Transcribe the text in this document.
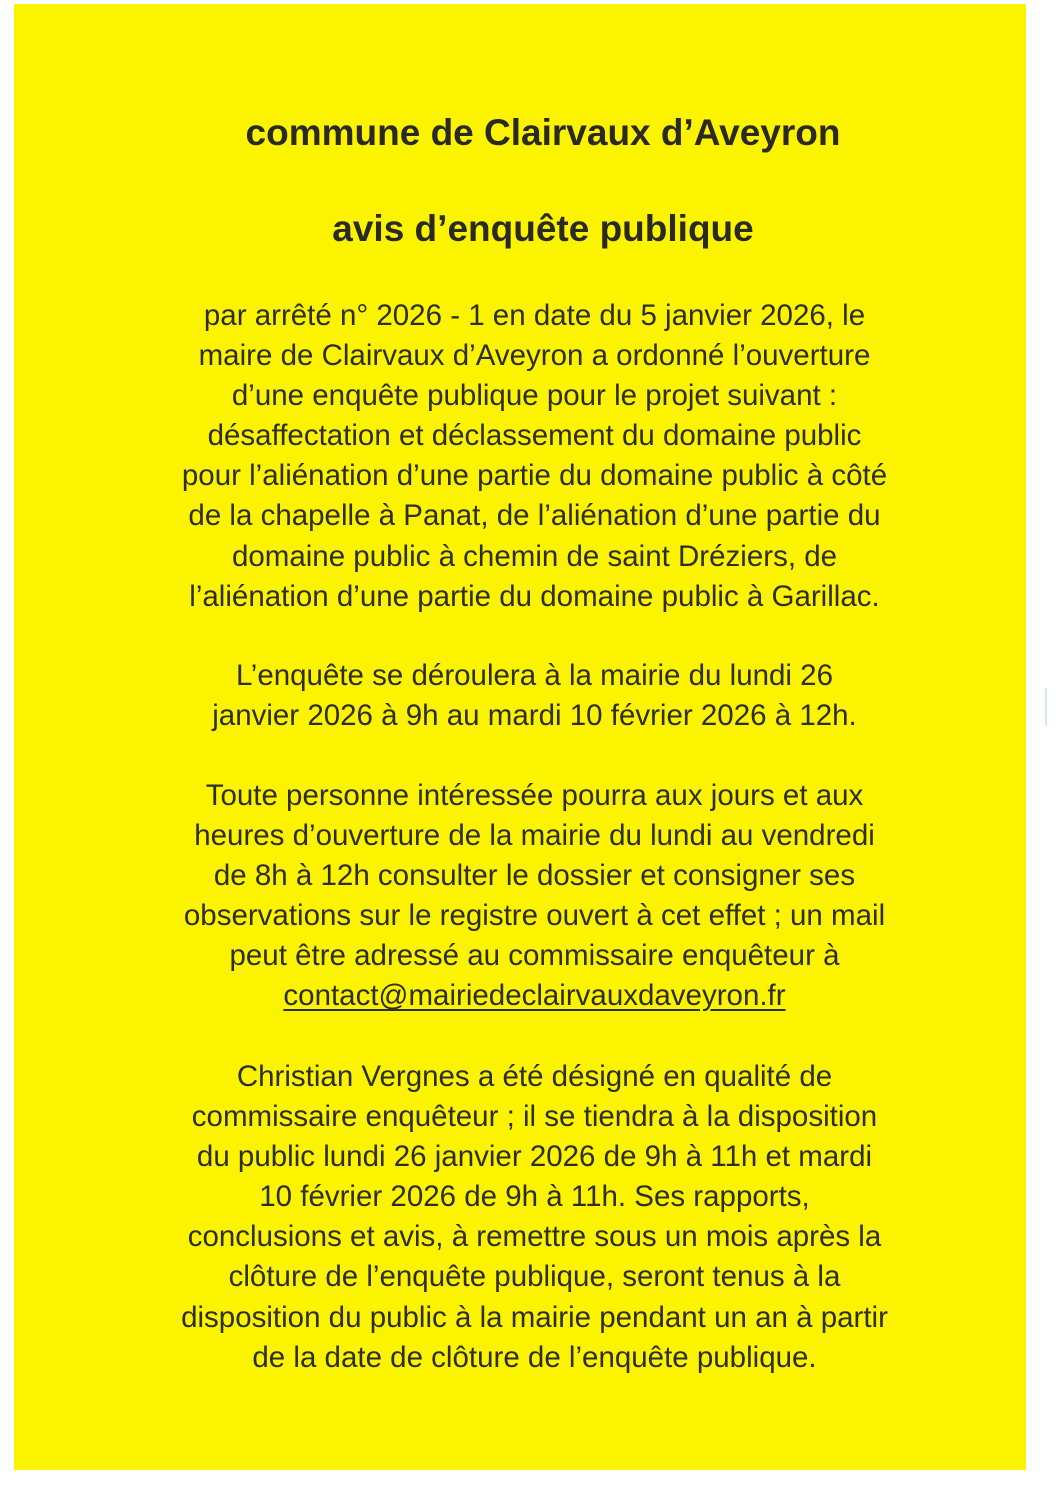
commune de Clairvaux d’Aveyron
avis d’enquête publique

par arrêté n° 2026 - 1 en date du 5 janvier 2026, le
maire de Clairvaux d’Aveyron a ordonné l’ouverture
d’une enquête publique pour le projet suivant :
désaffectation et déclassement du domaine public
pour l’aliénation d’une partie du domaine public à côté
de la chapelle à Panat, de l’aliénation d’une partie du
domaine public à chemin de saint Dréziers, de
l’aliénation d’une partie du domaine public à Garillac.

L’enquête se déroulera à la mairie du lundi 26
janvier 2026 à 9h au mardi 10 février 2026 à 12h.

Toute personne intéressée pourra aux jours et aux
heures d’ouverture de la mairie du lundi au vendredi
de 8h à 12h consulter le dossier et consigner ses
observations sur le registre ouvert à cet effet ; un mail
peut être adressé au commissaire enquêteur à
contact@mairiedeclairvauxdaveyron.fr

Christian Vergnes a été désigné en qualité de
commissaire enquêteur ; il se tiendra à la disposition
du public lundi 26 janvier 2026 de 9h à 11h et mardi
10 février 2026 de 9h à 11h. Ses rapports,
conclusions et avis, à remettre sous un mois après la
clôture de l’enquête publique, seront tenus à la
disposition du public à la mairie pendant un an à partir
de la date de clôture de l’enquête publique.
